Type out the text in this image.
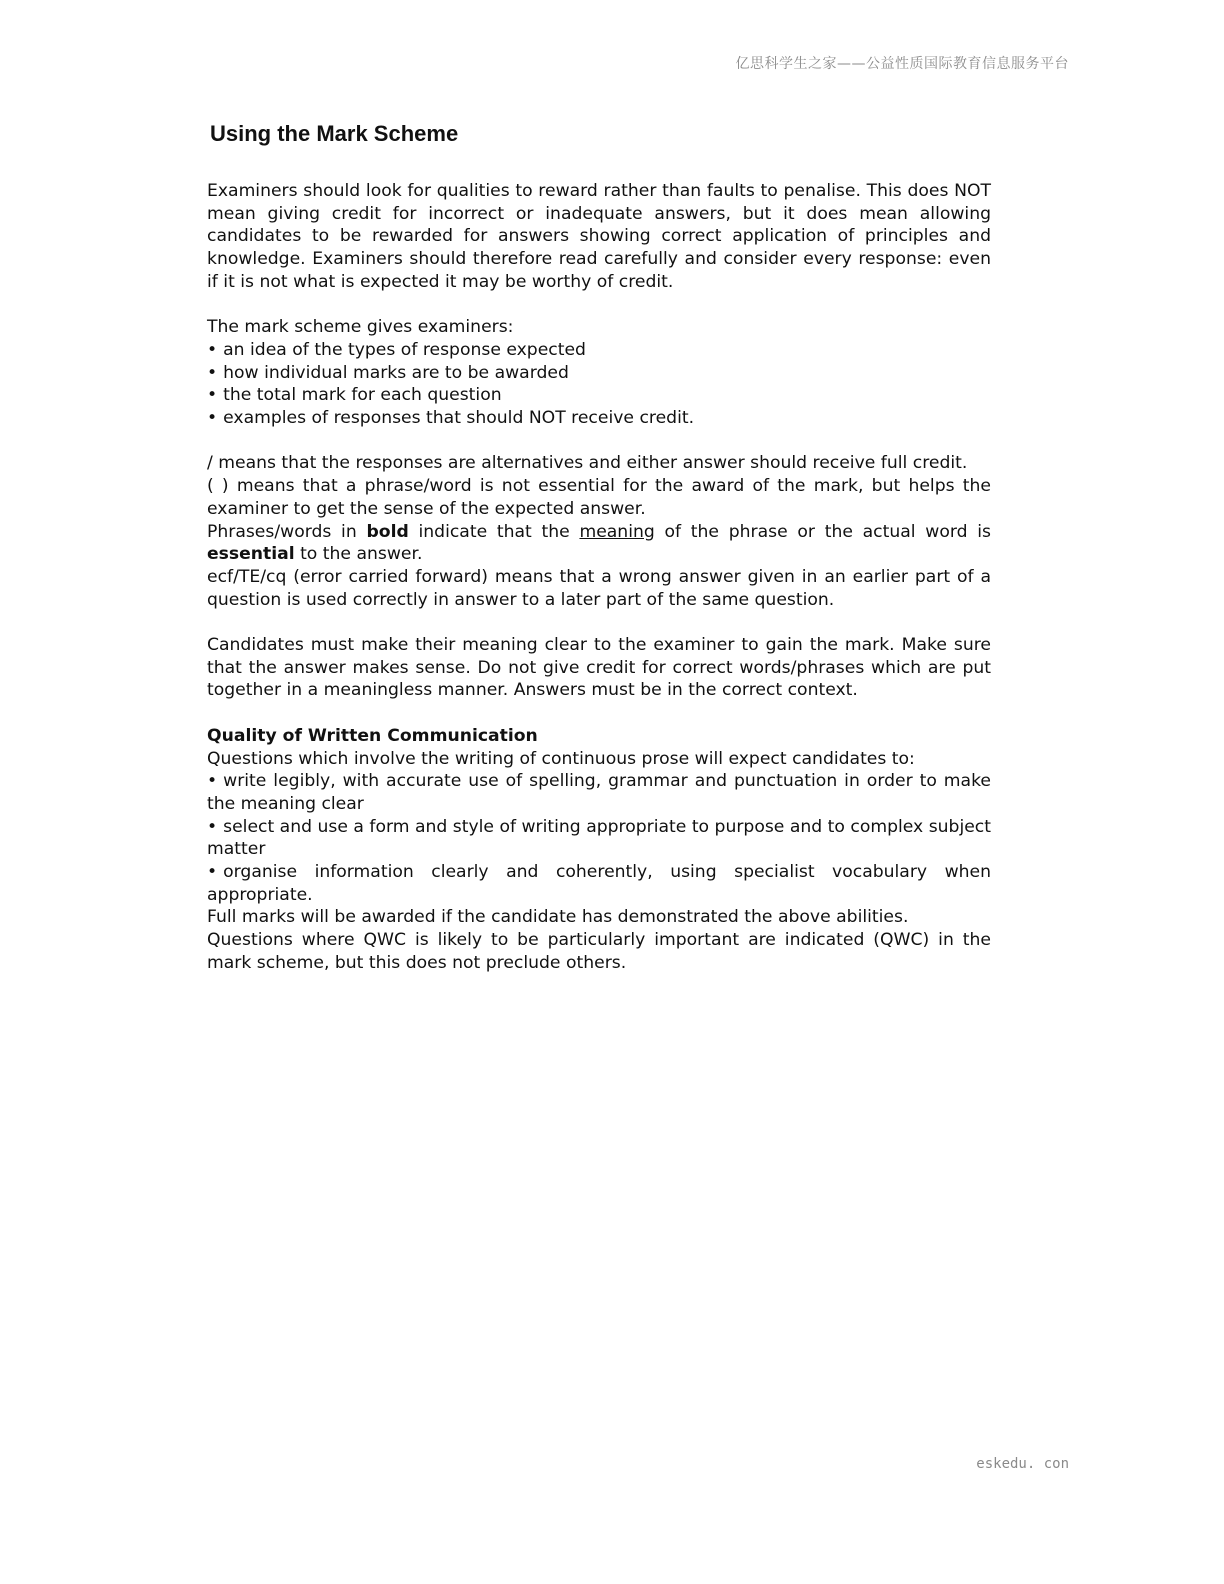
亿思科学生之家——公益性质国际教育信息服务平台
Using the Mark Scheme

Examiners should look for qualities to reward rather than faults to penalise. This does NOT mean giving credit for incorrect or inadequate answers, but it does mean allowing candidates to be rewarded for answers showing correct application of principles and knowledge. Examiners should therefore read carefully and consider every response: even if it is not what is expected it may be worthy of credit.

The mark scheme gives examiners:

• an idea of the types of response expected
• how individual marks are to be awarded
• the total mark for each question
• examples of responses that should NOT receive credit.

/ means that the responses are alternatives and either answer should receive full credit.

( ) means that a phrase/word is not essential for the award of the mark, but helps the examiner to get the sense of the expected answer.

Phrases/words in bold indicate that the meaning of the phrase or the actual word is essential to the answer.

ecf/TE/cq (error carried forward) means that a wrong answer given in an earlier part of a question is used correctly in answer to a later part of the same question.

Candidates must make their meaning clear to the examiner to gain the mark. Make sure that the answer makes sense. Do not give credit for correct words/phrases which are put together in a meaningless manner. Answers must be in the correct context.

Quality of Written Communication

Questions which involve the writing of continuous prose will expect candidates to:

• write legibly, with accurate use of spelling, grammar and punctuation in order to make the meaning clear
• select and use a form and style of writing appropriate to purpose and to complex subject matter
• organise information clearly and coherently, using specialist vocabulary when appropriate.

Full marks will be awarded if the candidate has demonstrated the above abilities.

Questions where QWC is likely to be particularly important are indicated (QWC) in the mark scheme, but this does not preclude others.

eskedu. con
